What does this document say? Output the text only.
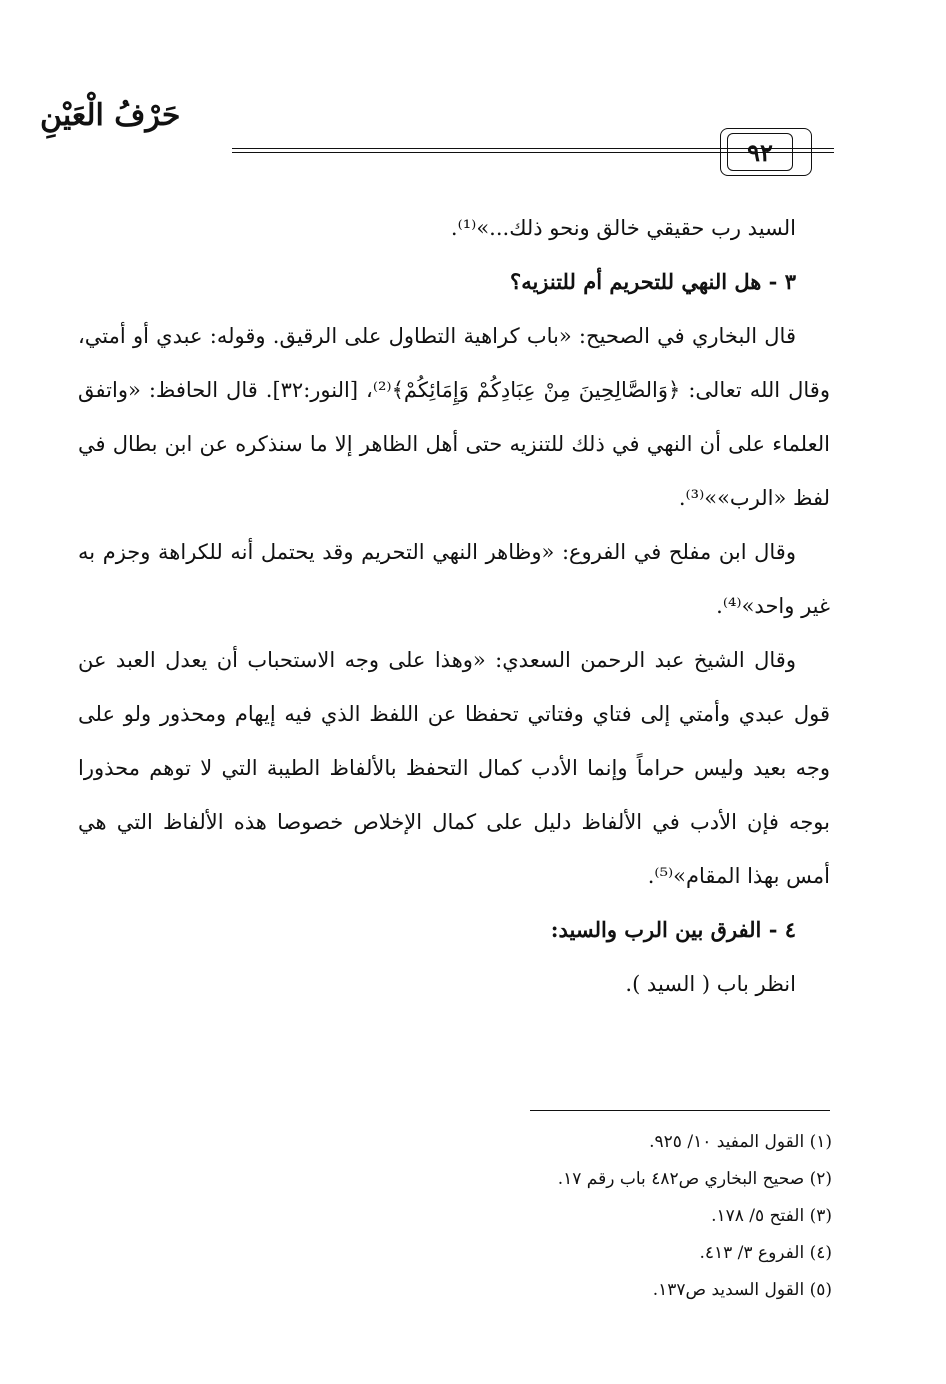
حَرْفُ الْعَيْنِ
٩٢

السيد رب حقيقي خالق ونحو ذلك...»⁽¹⁾.

٣ - هل النهي للتحريم أم للتنزيه؟

قال البخاري في الصحيح: «باب كراهية التطاول على الرقيق. وقوله: عبدي أو أمتي، وقال الله تعالى: ﴿وَالصَّالِحِينَ مِنْ عِبَادِكُمْ وَإِمَائِكُمْ﴾⁽²⁾، [النور:٣٢]. قال الحافظ: «واتفق العلماء على أن النهي في ذلك للتنزيه حتى أهل الظاهر إلا ما سنذكره عن ابن بطال في لفظ «الرب»»⁽³⁾.

وقال ابن مفلح في الفروع: «وظاهر النهي التحريم وقد يحتمل أنه للكراهة وجزم به غير واحد»⁽⁴⁾.

وقال الشيخ عبد الرحمن السعدي: «وهذا على وجه الاستحباب أن يعدل العبد عن قول عبدي وأمتي إلى فتاي وفتاتي تحفظا عن اللفظ الذي فيه إيهام ومحذور ولو على وجه بعيد وليس حراماً وإنما الأدب كمال التحفظ بالألفاظ الطيبة التي لا توهم محذورا بوجه فإن الأدب في الألفاظ دليل على كمال الإخلاص خصوصا هذه الألفاظ التي هي أمس بهذا المقام»⁽⁵⁾.

٤ - الفرق بين الرب والسيد:

انظر باب ( السيد ).

(١) القول المفيد ١٠/ ٩٢٥.

(٢) صحيح البخاري ص٤٨٢ باب رقم ١٧.

(٣) الفتح ٥/ ١٧٨.

(٤) الفروع ٣/ ٤١٣.

(٥) القول السديد ص١٣٧.
